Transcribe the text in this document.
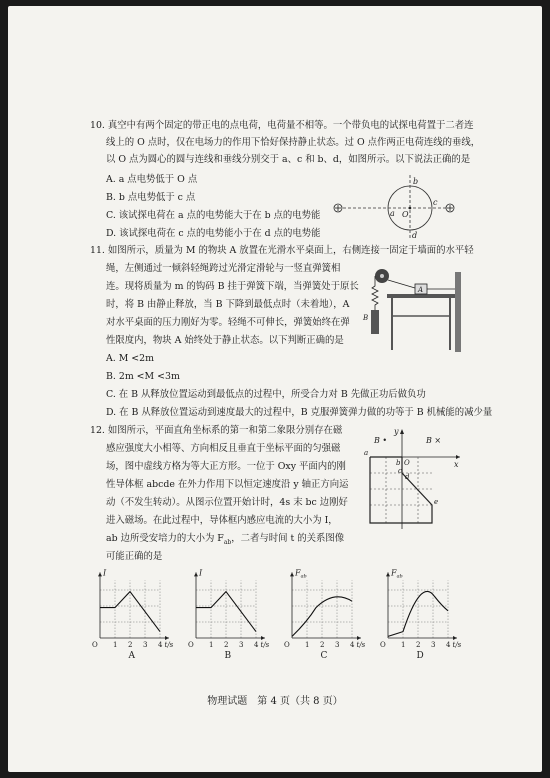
10. 真空中有两个固定的带正电的点电荷，电荷量不相等。一个带负电的试探电荷置于二者连
线上的 O 点时，仅在电场力的作用下恰好保持静止状态。过 O 点作两正电荷连线的垂线，
以 O 点为圆心的圆与连线和垂线分别交于 a、c 和 b、d，如图所示。以下说法正确的是
A. a 点电势低于 O 点
B. b 点电势低于 c 点
C. 该试探电荷在 a 点的电势能大于在 b 点的电势能
D. 该试探电荷在 c 点的电势能小于在 d 点的电势能
b
a O
c
d
11. 如图所示，质量为 M 的物块 A 放置在光滑水平桌面上，右侧连接一固定于墙面的水平轻
绳，左侧通过一倾斜轻绳跨过光滑定滑轮与一竖直弹簧相
连。现将质量为 m 的钩码 B 挂于弹簧下端，当弹簧处于原长
时，将 B 由静止释放，当 B 下降到最低点时（未着地），A
对水平桌面的压力刚好为零。轻绳不可伸长，弹簧始终在弹
性限度内，物块 A 始终处于静止状态。以下判断正确的是
A. M <2m
B. 2m <M <3m
C. 在 B 从释放位置运动到最低点的过程中，所受合力对 B 先做正功后做负功
D. 在 B 从释放位置运动到速度最大的过程中，B 克服弹簧弹力做的功等于 B 机械能的减少量
A
B
12. 如图所示，平面直角坐标系的第一和第二象限分别存在磁
感应强度大小相等、方向相反且垂直于坐标平面的匀强磁
场，图中虚线方格为等大正方形。一位于 Oxy 平面内的刚
性导体框 abcde 在外力作用下以恒定速度沿 y 轴正方向运
动（不发生转动）。从图示位置开始计时，4s 末 bc 边刚好
进入磁场。在此过程中，导体框内感应电流的大小为 I，
ab 边所受安培力的大小为 $F_{ab}$，二者与时间 t 的关系图像
可能正确的是
B •	B ×
y
x
a
O
b
c
d
e
I
O 1 2 3 4 t/s
A
I
O 1 2 3 4 t/s
B
$F_{ab}$
O 1 2 3 4 t/s
C
$F_{ab}$
O 1 2 3 4 t/s
D
物理试题　第 4 页（共 8 页）
